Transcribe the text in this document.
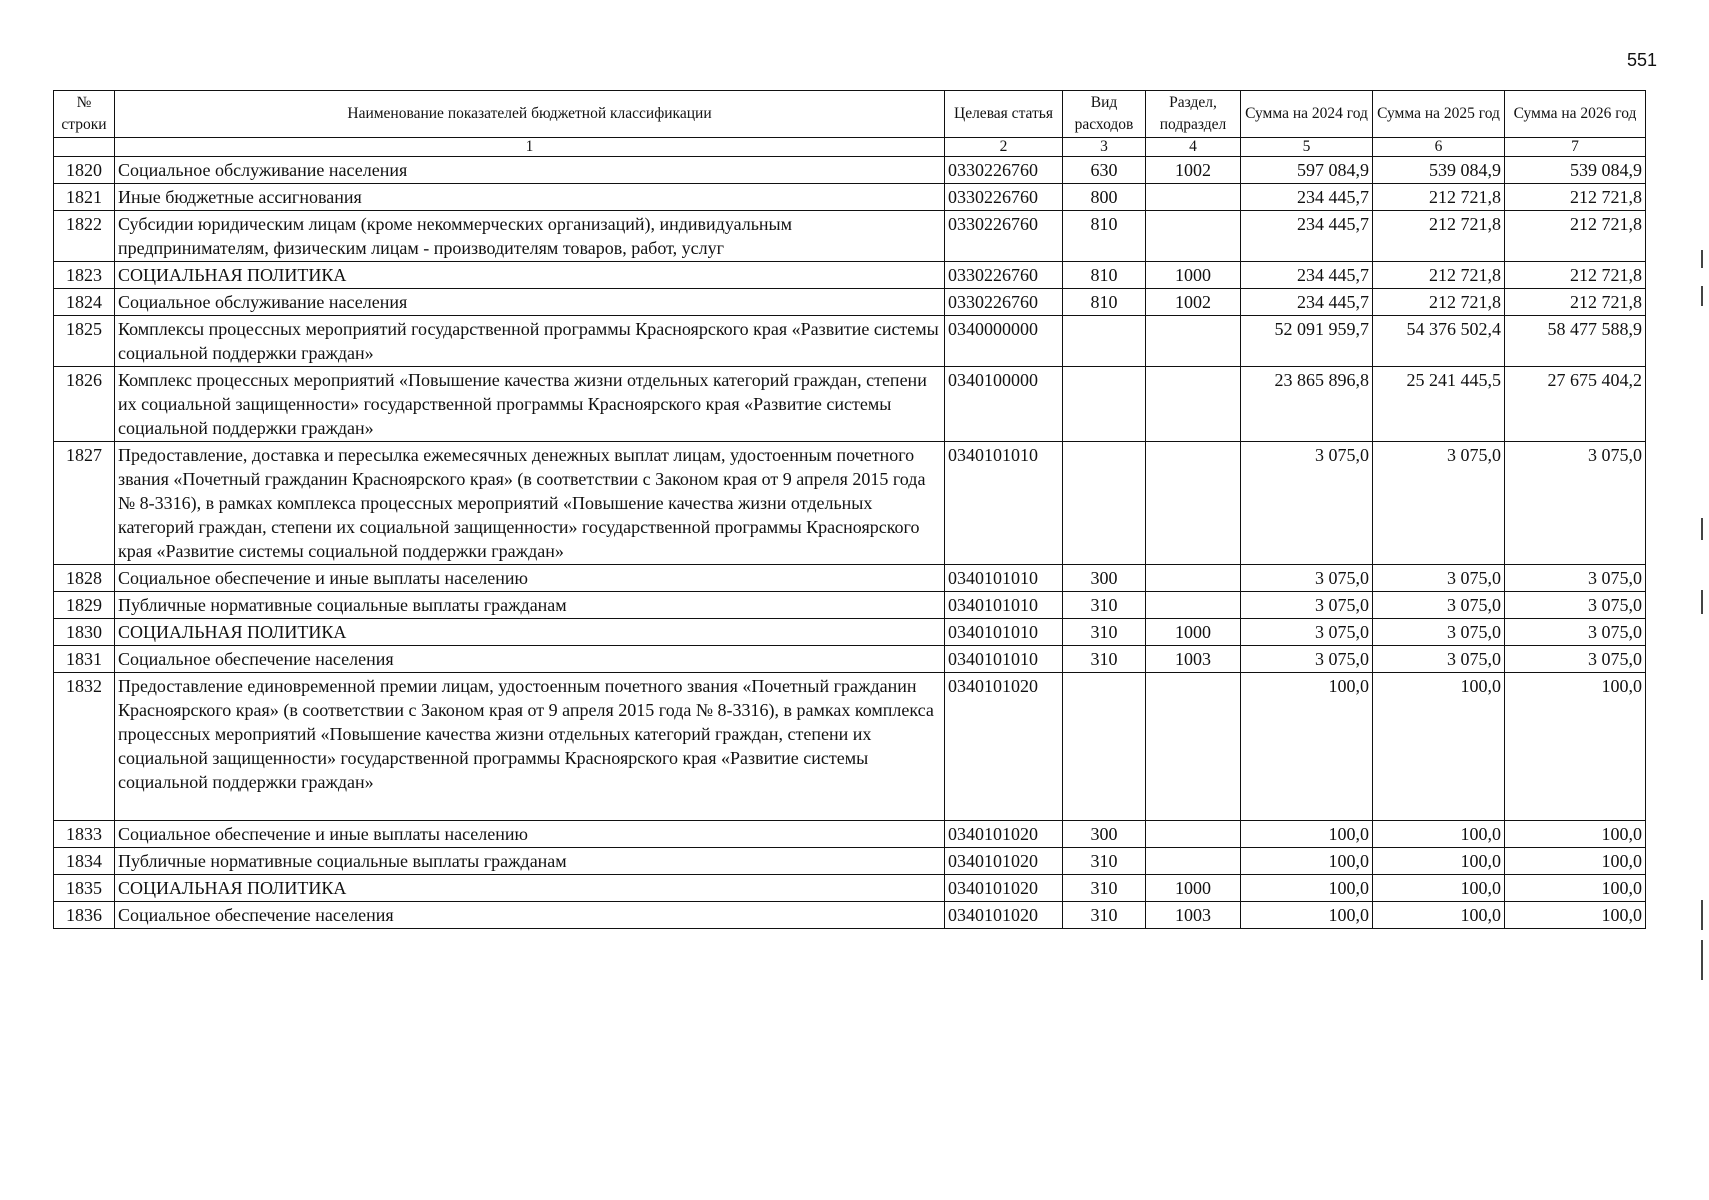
551
№ строки	Наименование показателей бюджетной классификации	Целевая статья	Вид расходов	Раздел, подраздел	Сумма на 2024 год	Сумма на 2025 год	Сумма на 2026 год
	1	2	3	4	5	6	7
1820	Социальное обслуживание населения	0330226760	630	1002	597 084,9	539 084,9	539 084,9
1821	Иные бюджетные ассигнования	0330226760	800		234 445,7	212 721,8	212 721,8
1822	Субсидии юридическим лицам (кроме некоммерческих организаций), индивидуальным предпринимателям, физическим лицам - производителям товаров, работ, услуг	0330226760	810		234 445,7	212 721,8	212 721,8
1823	СОЦИАЛЬНАЯ ПОЛИТИКА	0330226760	810	1000	234 445,7	212 721,8	212 721,8
1824	Социальное обслуживание населения	0330226760	810	1002	234 445,7	212 721,8	212 721,8
1825	Комплексы процессных мероприятий государственной программы Красноярского края «Развитие системы социальной поддержки граждан»	0340000000			52 091 959,7	54 376 502,4	58 477 588,9
1826	Комплекс процессных мероприятий «Повышение качества жизни отдельных категорий граждан, степени их социальной защищенности» государственной программы Красноярского края «Развитие системы социальной поддержки граждан»	0340100000			23 865 896,8	25 241 445,5	27 675 404,2
1827	Предоставление, доставка и пересылка ежемесячных денежных выплат лицам, удостоенным почетного звания «Почетный гражданин Красноярского края» (в соответствии с Законом края от 9 апреля 2015 года № 8-3316), в рамках комплекса процессных мероприятий «Повышение качества жизни отдельных категорий граждан, степени их социальной защищенности» государственной программы Красноярского края «Развитие системы социальной поддержки граждан»	0340101010			3 075,0	3 075,0	3 075,0
1828	Социальное обеспечение и иные выплаты населению	0340101010	300		3 075,0	3 075,0	3 075,0
1829	Публичные нормативные социальные выплаты гражданам	0340101010	310		3 075,0	3 075,0	3 075,0
1830	СОЦИАЛЬНАЯ ПОЛИТИКА	0340101010	310	1000	3 075,0	3 075,0	3 075,0
1831	Социальное обеспечение населения	0340101010	310	1003	3 075,0	3 075,0	3 075,0
1832	Предоставление единовременной премии лицам, удостоенным почетного звания «Почетный гражданин Красноярского края» (в соответствии с Законом края от 9 апреля 2015 года № 8-3316), в рамках комплекса процессных мероприятий «Повышение качества жизни отдельных категорий граждан, степени их социальной защищенности» государственной программы Красноярского края «Развитие системы социальной поддержки граждан»	0340101020			100,0	100,0	100,0
1833	Социальное обеспечение и иные выплаты населению	0340101020	300		100,0	100,0	100,0
1834	Публичные нормативные социальные выплаты гражданам	0340101020	310		100,0	100,0	100,0
1835	СОЦИАЛЬНАЯ ПОЛИТИКА	0340101020	310	1000	100,0	100,0	100,0
1836	Социальное обеспечение населения	0340101020	310	1003	100,0	100,0	100,0
